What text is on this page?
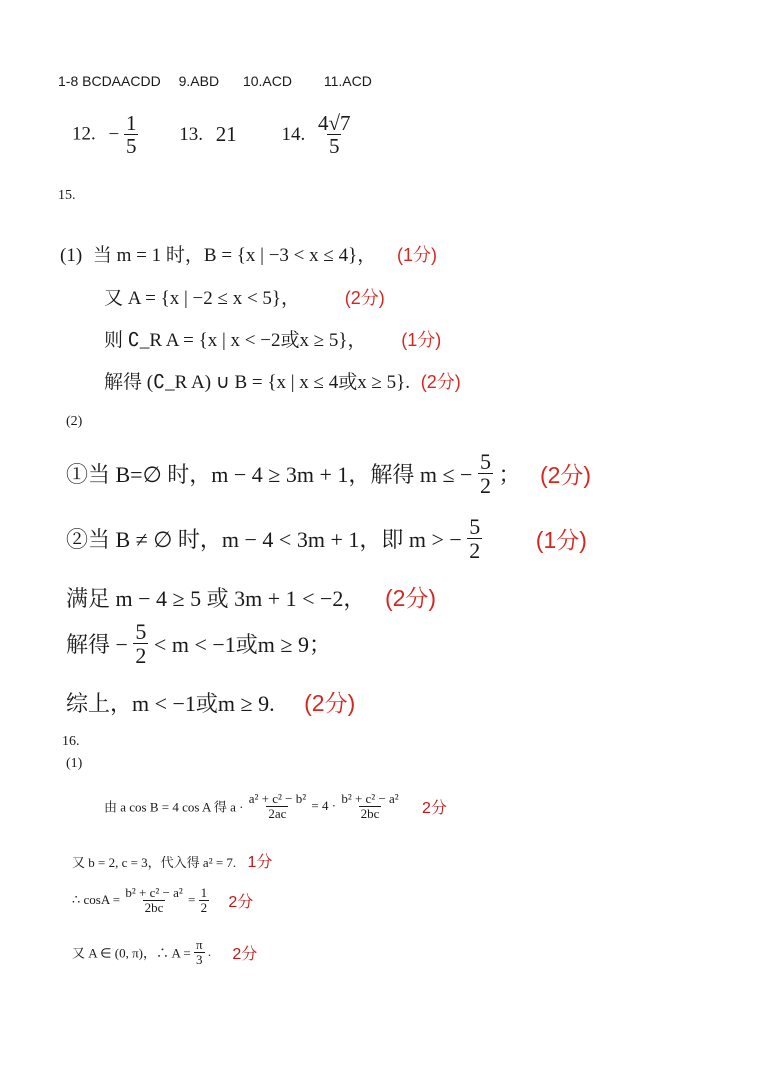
1-8 BCDAACDD 9.ABD 10.ACD 11.ACD
12. − $\frac{1}{5} 13$. 21 14. $\frac{4√7}{5}$
15.
(1) 当 m = 1 时，B = {x | −3 < x ≤ 4}， (1分)
又 A = {x | −2 ≤ x < 5}， (2分)
则 ∁_R A = {x | x < −2或x ≥ 5}， (1分)
解得 (∁_R A) ∪ B = {x | x ≤ 4或x ≥ 5}. (2分)
(2)
①当 B=∅ 时，m − 4 ≥ 3m + 1，解得 m ≤ − $\frac{5}{2}$ ； (2分)
②当 B ≠ ∅ 时，m − 4 < 3m + 1，即 m > − $\frac{5}{2} (1$分)
满足 m − 4 ≥ 5 或 3m + 1 < −2， (2分)
解得 − $\frac{5}{2} < m < -1$或m ≥ 9；
综上，m < −1或m ≥ 9. (2分)
16.
(1)
由 a cos B = 4 cos A 得 $a \cdot \frac{\text{a² + c² − b²}}{2ac} = 4 \cdot \frac{\text{b² + c² − a²}}{2bc} 2$分
又 b = 2, c = 3，代入得 a² = 7. 1分
∴ $\cos A = \frac{\text{b² + c² − a²}}{2bc} = \frac{1}{2} 2$分
又 A ∈ (0, π)，∴ $A = \frac{\pi}{3}$ . 2分
